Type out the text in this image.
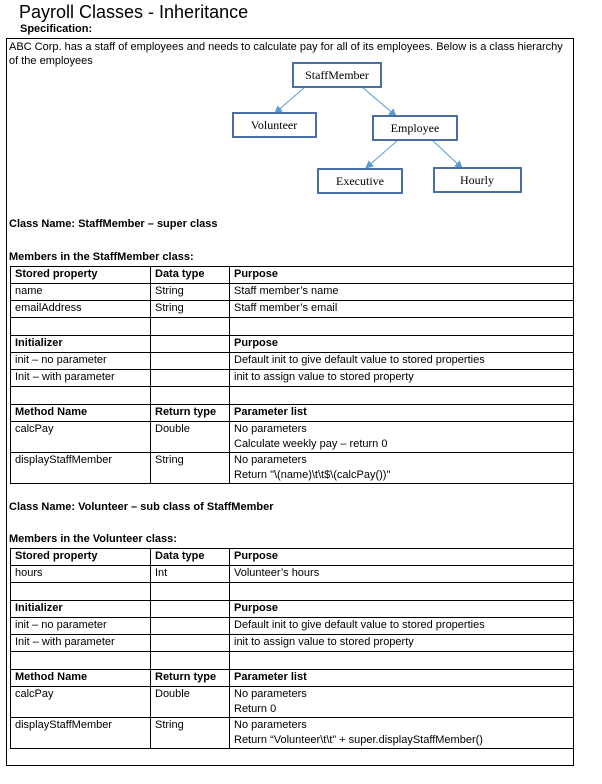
Payroll Classes - Inheritance
Specification:
ABC Corp. has a staff of employees and needs to calculate pay for all of its employees. Below is a class hierarchy of the employees
StaffMember
Volunteer	Employee
Executive	Hourly
Class Name: StaffMember – super class
Members in the StaffMember class:
Stored property	Data type	Purpose
name	String	Staff member’s name
emailAddress	String	Staff member’s email

Initializer		Purpose
init – no parameter		Default init to give default value to stored properties
Init – with parameter		init to assign value to stored property

Method Name	Return type	Parameter list
calcPay	Double	No parameters
Calculate weekly pay – return 0

displayStaffMember	String	No parameters
Return "\(name)\t\t$\(calcPay())"
Class Name: Volunteer – sub class of StaffMember
Members in the Volunteer class:
Stored property	Data type	Purpose
hours	Int	Volunteer’s hours

Initializer		Purpose
init – no parameter		Default init to give default value to stored properties
Init – with parameter		init to assign value to stored property

Method Name	Return type	Parameter list
calcPay	Double	No parameters
Return 0

displayStaffMember	String	No parameters
Return “Volunteer\t\t” + super.displayStaffMember()
